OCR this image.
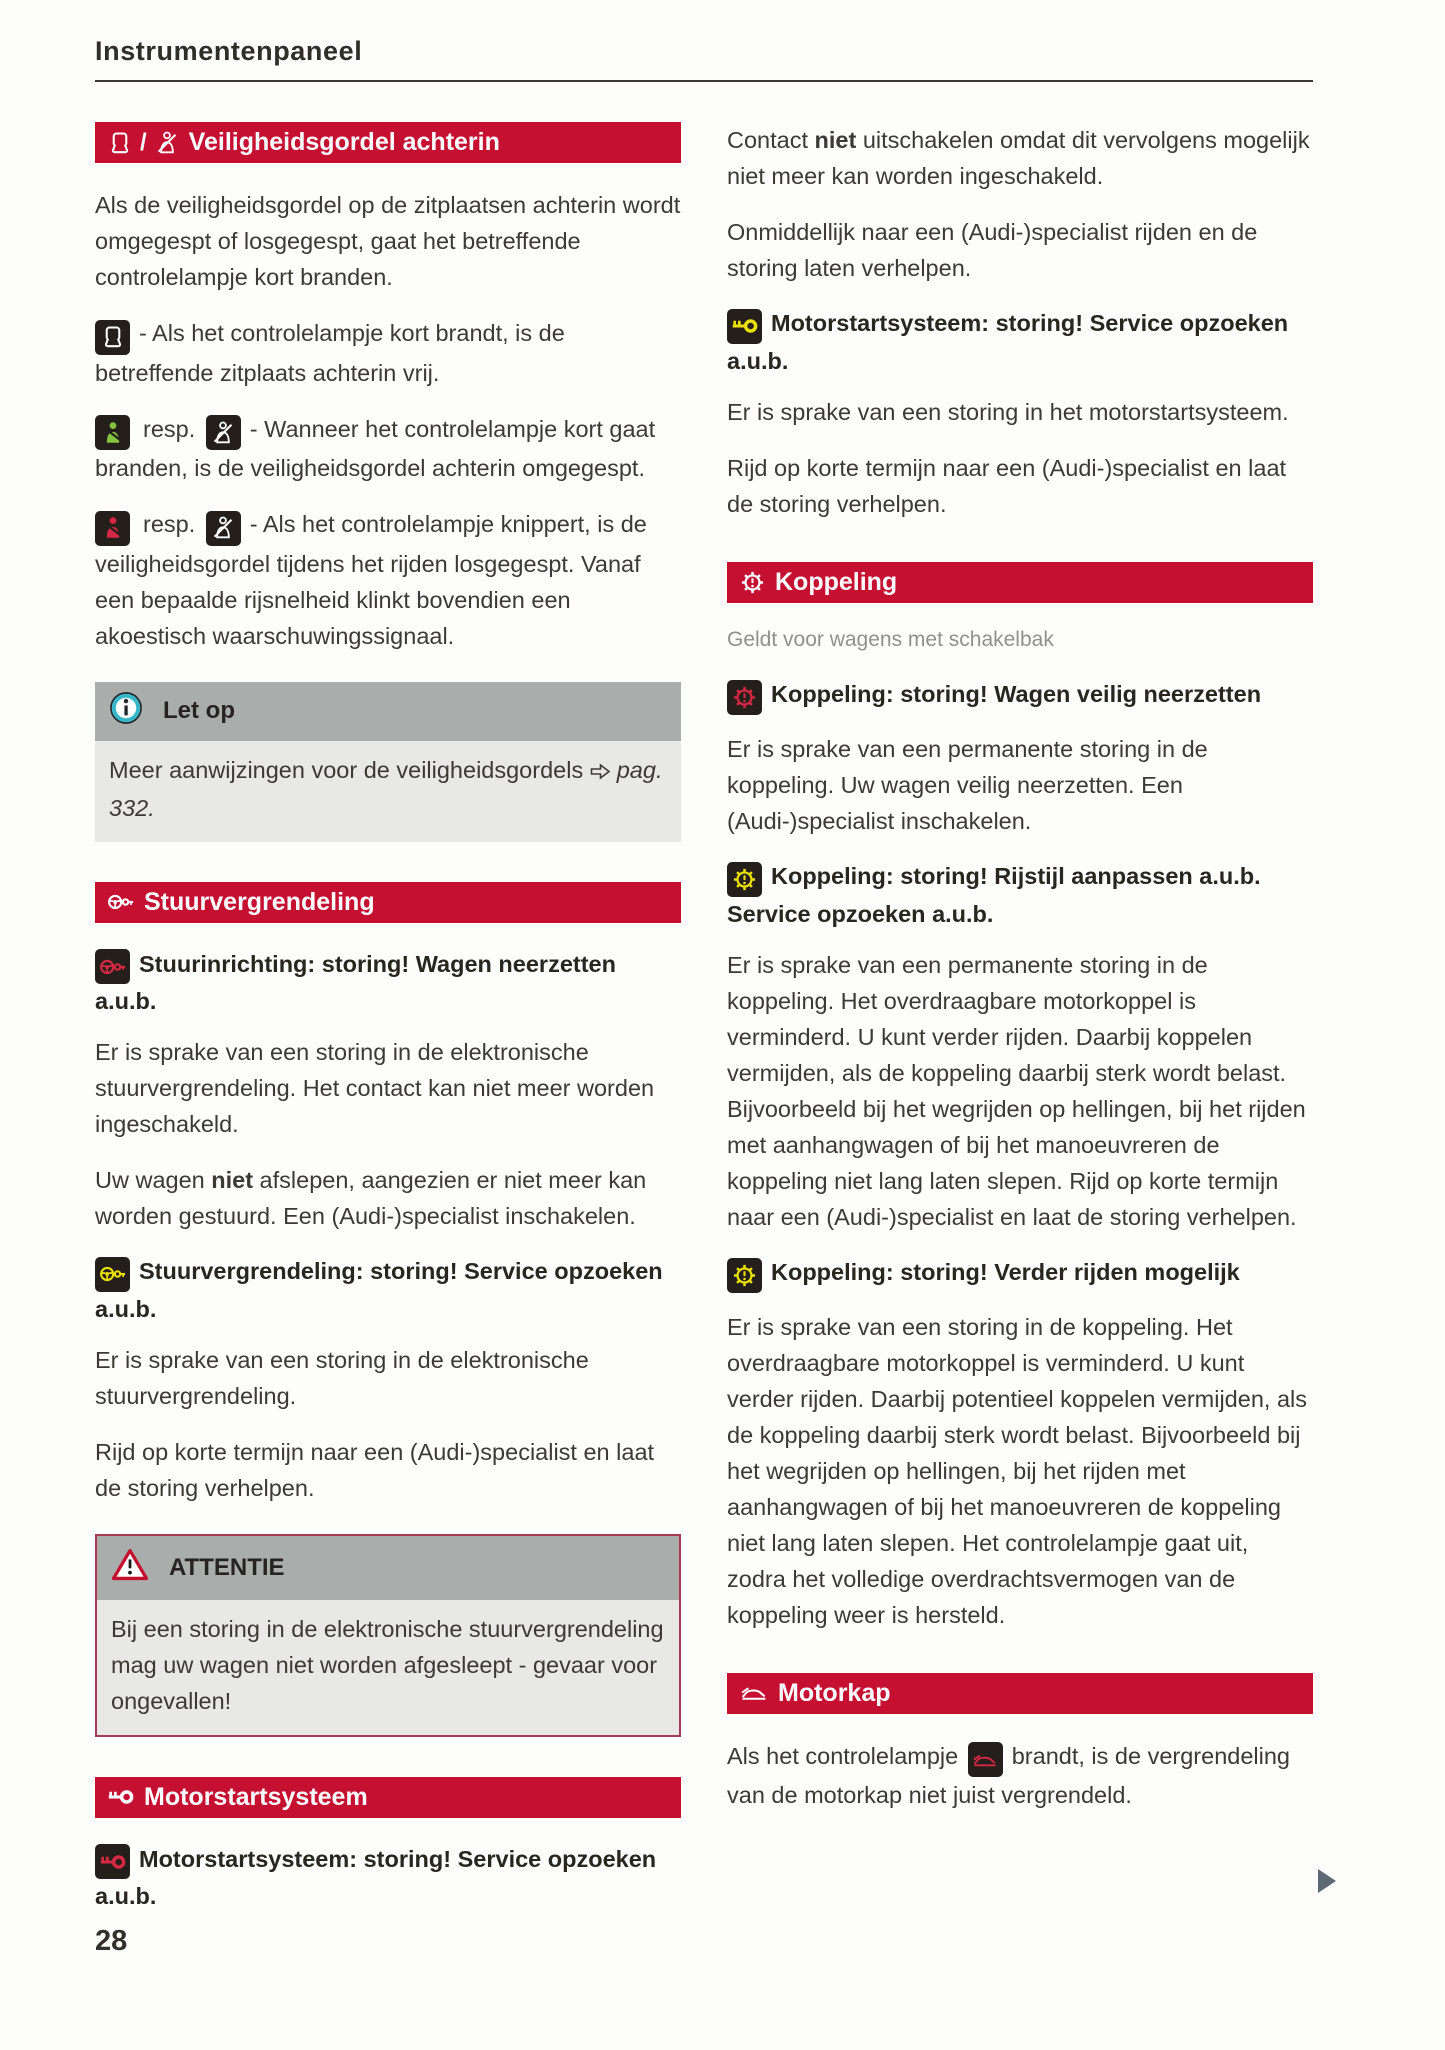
Instrumentenpaneel
/ Veiligheidsgordel achterin

Als de veiligheidsgordel op de zitplaatsen achterin wordt omgegespt of losgegespt, gaat het betreffende controlelampje kort branden.

- Als het controlelampje kort brandt, is de betreffende zitplaats achterin vrij.

resp. - Wanneer het controlelampje kort gaat branden, is de veiligheidsgordel achterin omgegespt.

resp. - Als het controlelampje knippert, is de veiligheidsgordel tijdens het rijden losgegespt. Vanaf een bepaalde rijsnelheid klinkt bovendien een akoestisch waarschuwingssignaal.

Let op
Meer aanwijzingen voor de veiligheidsgordels pag. 332.
Stuurvergrendeling

Stuurinrichting: storing! Wagen neerzetten a.u.b.

Er is sprake van een storing in de elektronische stuurvergrendeling. Het contact kan niet meer worden ingeschakeld.

Uw wagen niet afslepen, aangezien er niet meer kan worden gestuurd. Een (Audi-)specialist inschakelen.

Stuurvergrendeling: storing! Service opzoeken a.u.b.

Er is sprake van een storing in de elektronische stuurvergrendeling.

Rijd op korte termijn naar een (Audi-)specialist en laat de storing verhelpen.

ATTENTIE
Bij een storing in de elektronische stuurvergrendeling mag uw wagen niet worden afgesleept - gevaar voor ongevallen!
Motorstartsysteem

Motorstartsysteem: storing! Service opzoeken a.u.b.

Contact niet uitschakelen omdat dit vervolgens mogelijk niet meer kan worden ingeschakeld.

Onmiddellijk naar een (Audi-)specialist rijden en de storing laten verhelpen.

Motorstartsysteem: storing! Service opzoeken a.u.b.

Er is sprake van een storing in het motorstartsysteem.

Rijd op korte termijn naar een (Audi-)specialist en laat de storing verhelpen.

Koppeling

Geldt voor wagens met schakelbak

Koppeling: storing! Wagen veilig neerzetten

Er is sprake van een permanente storing in de koppeling. Uw wagen veilig neerzetten. Een (Audi-)specialist inschakelen.

Koppeling: storing! Rijstijl aanpassen a.u.b. Service opzoeken a.u.b.

Er is sprake van een permanente storing in de koppeling. Het overdraagbare motorkoppel is verminderd. U kunt verder rijden. Daarbij koppelen vermijden, als de koppeling daarbij sterk wordt belast. Bijvoorbeeld bij het wegrijden op hellingen, bij het rijden met aanhangwagen of bij het manoeuvreren de koppeling niet lang laten slepen. Rijd op korte termijn naar een (Audi-)specialist en laat de storing verhelpen.

Koppeling: storing! Verder rijden mogelijk

Er is sprake van een storing in de koppeling. Het overdraagbare motorkoppel is verminderd. U kunt verder rijden. Daarbij potentieel koppelen vermijden, als de koppeling daarbij sterk wordt belast. Bijvoorbeeld bij het wegrijden op hellingen, bij het rijden met aanhangwagen of bij het manoeuvreren de koppeling niet lang laten slepen. Het controlelampje gaat uit, zodra het volledige overdrachtsvermogen van de koppeling weer is hersteld.

Motorkap

Als het controlelampje brandt, is de vergrendeling van de motorkap niet juist vergrendeld.

28
